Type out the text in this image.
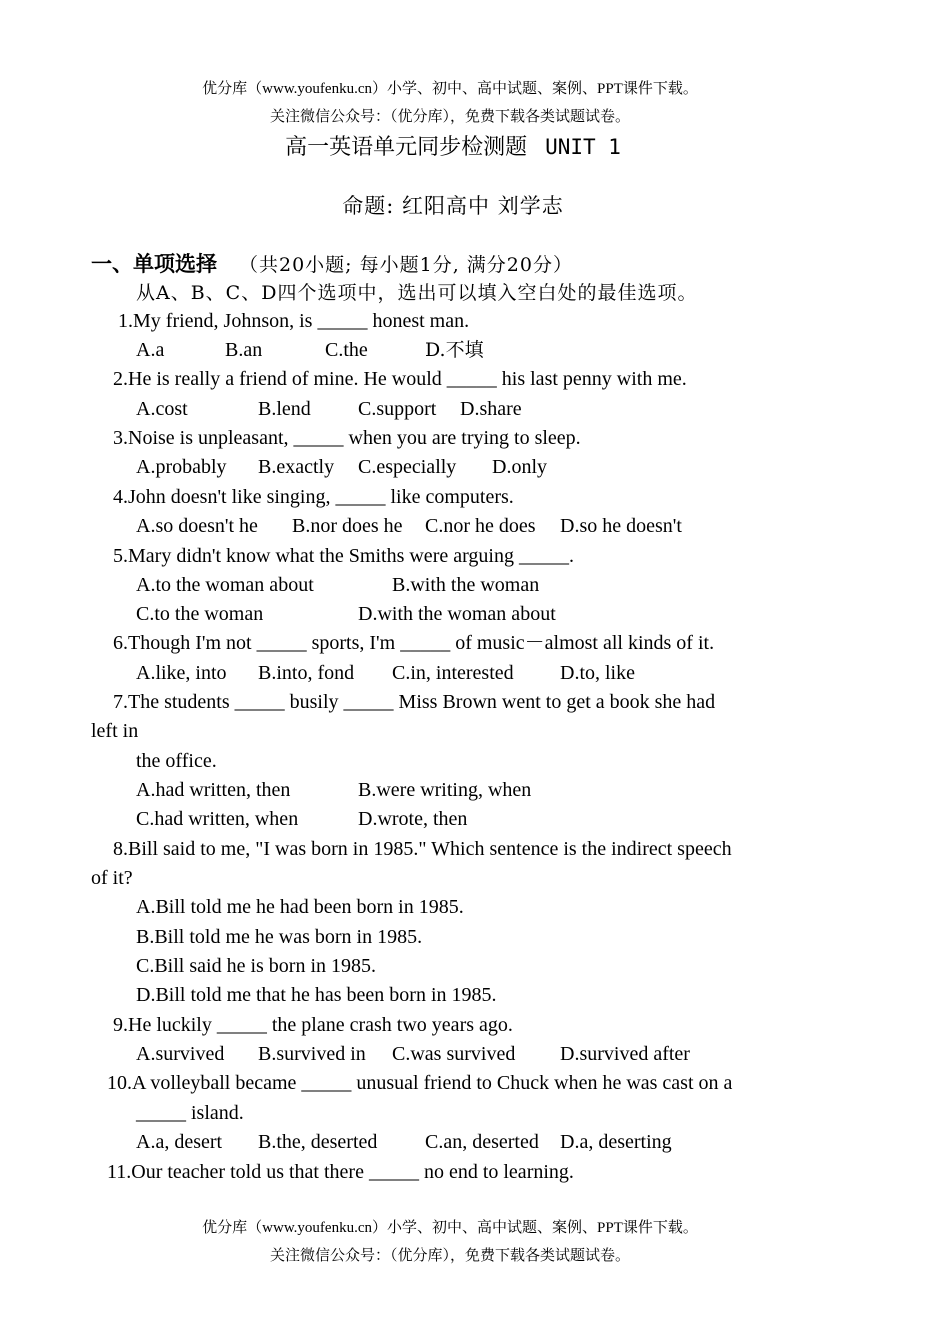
优分库（www.youfenku.cn）小学、初中、高中试题、案例、PPT课件下载。
关注微信公众号：（优分库），免费下载各类试题试卷。
高一英语单元同步检测题 UNIT 1
命题: 红阳高中 刘学志
一、单项选择 （共20小题; 每小题1分, 满分20分）
从A、B、C、D四个选项中，选出可以填入空白处的最佳选项。
1.My friend, Johnson, is _____ honest man.
A.a	B.an	C.the	D.不填
2.He is really a friend of mine. He would _____ his last penny with me.
A.cost	B.lend C.support D.share
3.Noise is unpleasant, _____ when you are trying to sleep.
A.probably B.exactly C.especially D.only
4.John doesn't like singing, _____ like computers.
A.so doesn't he B.nor does he C.nor he does D.so he doesn't
5.Mary didn't know what the Smiths were arguing _____.
A.to the woman about	B.with the woman
C.to the woman	D.with the woman about
6.Though I'm not _____ sports, I'm _____ of music－almost all kinds of it.
A.like, into B.into, fond C.in, interested D.to, like
7.The students _____ busily _____ Miss Brown went to get a book she had
left in
the office.
A.had written, then	B.were writing, when
C.had written, when	D.wrote, then
8.Bill said to me, "I was born in 1985." Which sentence is the indirect speech
of it?
A.Bill told me he had been born in 1985.
B.Bill told me he was born in 1985.
C.Bill said he is born in 1985.
D.Bill told me that he has been born in 1985.
9.He luckily _____ the plane crash two years ago.
A.survived B.survived in C.was survived D.survived after
10.A volleyball became _____ unusual friend to Chuck when he was cast on a
_____ island.
A.a, desert B.the, deserted C.an, deserted D.a, deserting
11.Our teacher told us that there _____ no end to learning.
优分库（www.youfenku.cn）小学、初中、高中试题、案例、PPT课件下载。
关注微信公众号：（优分库），免费下载各类试题试卷。
